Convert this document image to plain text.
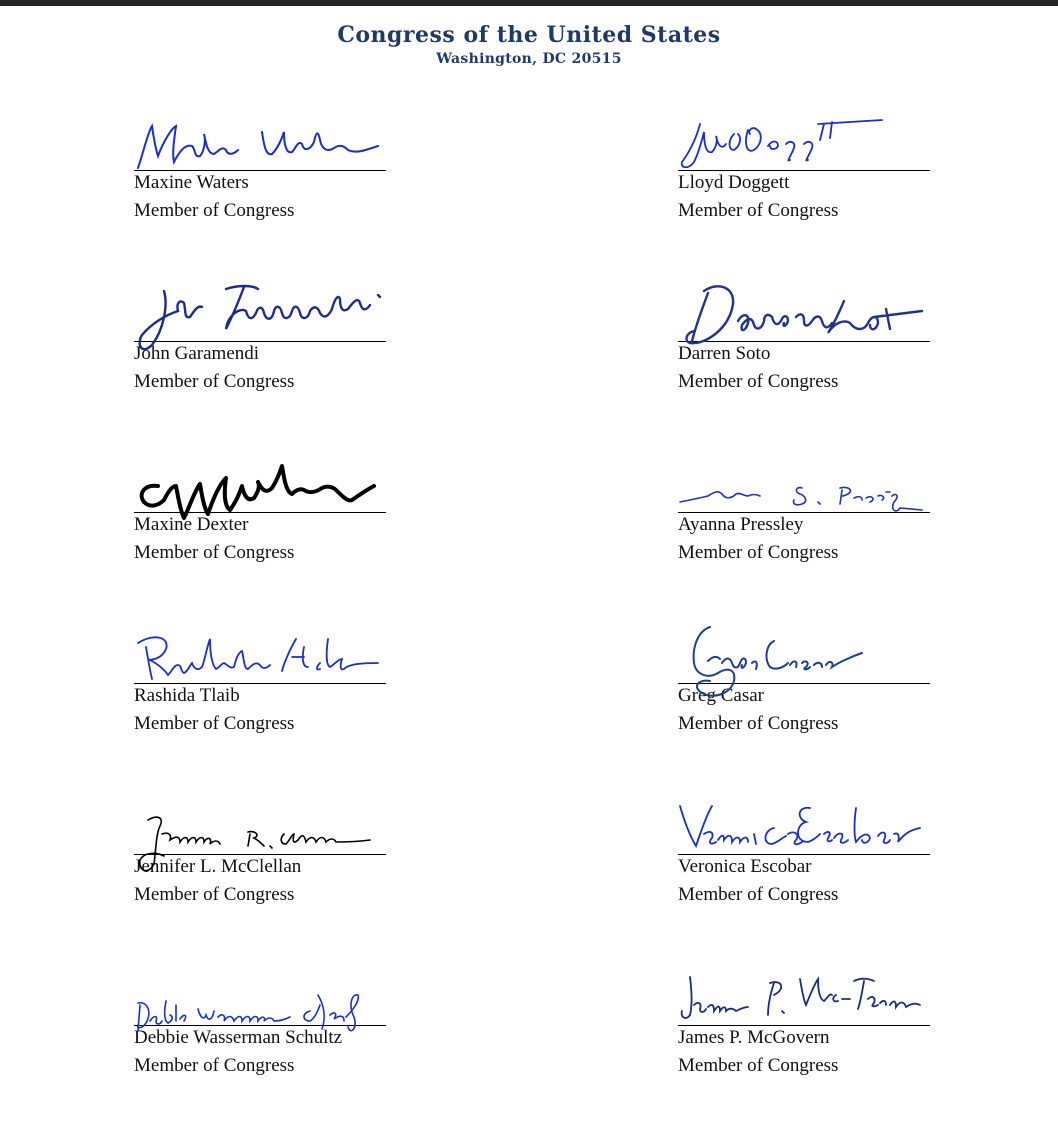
Congress of the United States
Washington, DC 20515
Maxine Waters
Member of Congress
Lloyd Doggett
Member of Congress
John Garamendi
Member of Congress
Darren Soto
Member of Congress
Maxine Dexter
Member of Congress
Ayanna Pressley
Member of Congress
Rashida Tlaib
Member of Congress
Greg Casar
Member of Congress
Jennifer L. McClellan
Member of Congress
Veronica Escobar
Member of Congress
Debbie Wasserman Schultz
Member of Congress
James P. McGovern
Member of Congress
